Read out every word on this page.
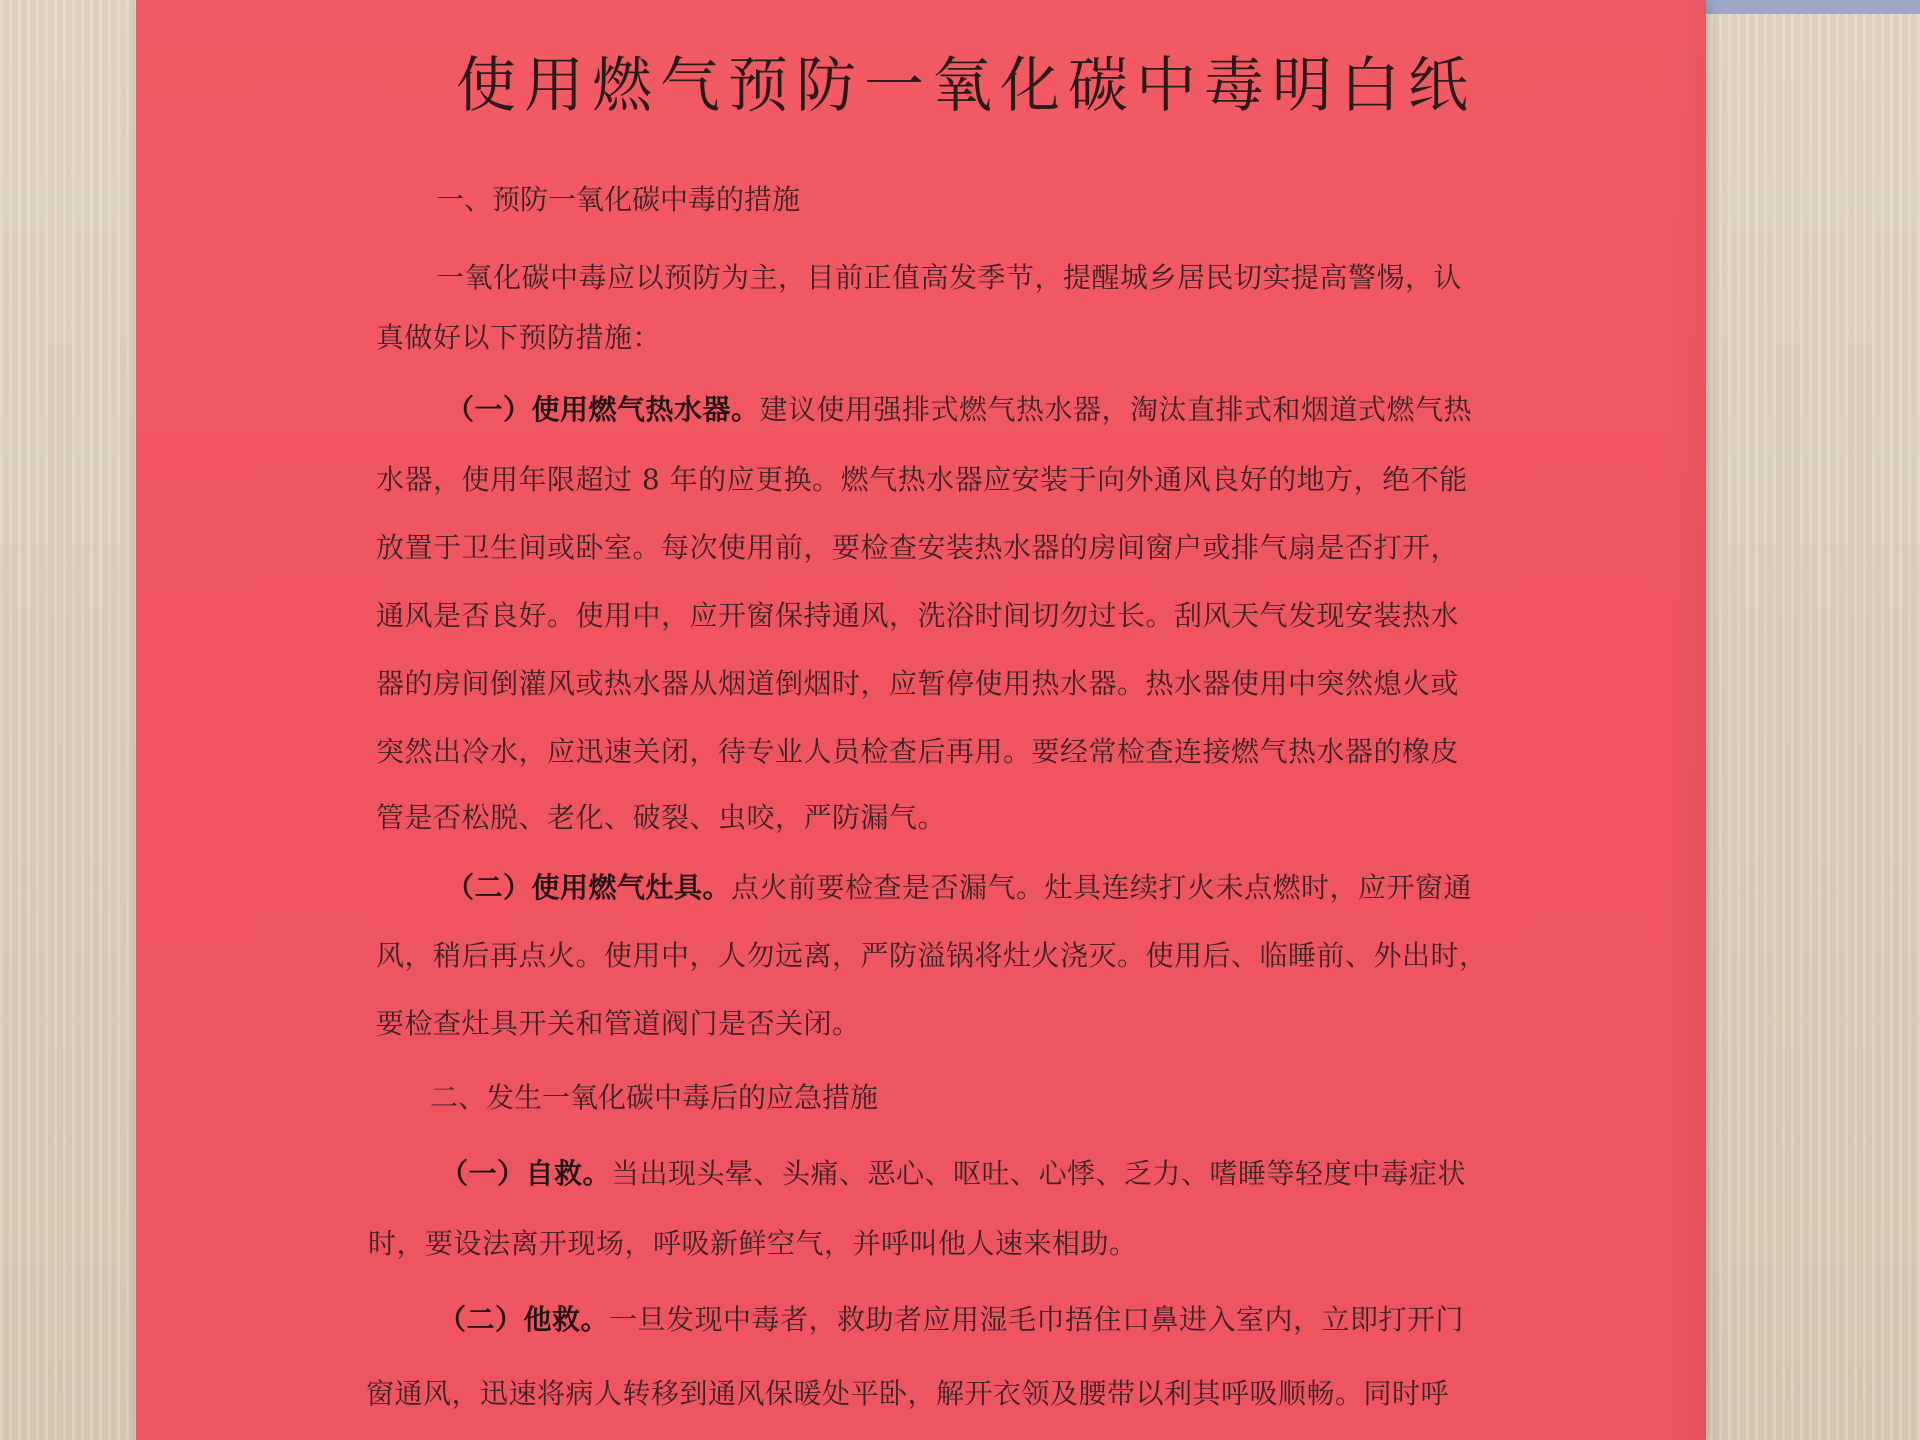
使用燃气预防一氧化碳中毒明白纸
一、预防一氧化碳中毒的措施
一氧化碳中毒应以预防为主，目前正值高发季节，提醒城乡居民切实提高警惕，认
真做好以下预防措施：
（一）使用燃气热水器。建议使用强排式燃气热水器，淘汰直排式和烟道式燃气热
水器，使用年限超过 8 年的应更换。燃气热水器应安装于向外通风良好的地方，绝不能
放置于卫生间或卧室。每次使用前，要检查安装热水器的房间窗户或排气扇是否打开，
通风是否良好。使用中，应开窗保持通风，洗浴时间切勿过长。刮风天气发现安装热水
器的房间倒灌风或热水器从烟道倒烟时，应暂停使用热水器。热水器使用中突然熄火或
突然出冷水，应迅速关闭，待专业人员检查后再用。要经常检查连接燃气热水器的橡皮
管是否松脱、老化、破裂、虫咬，严防漏气。
（二）使用燃气灶具。点火前要检查是否漏气。灶具连续打火未点燃时，应开窗通
风，稍后再点火。使用中，人勿远离，严防溢锅将灶火浇灭。使用后、临睡前、外出时，
要检查灶具开关和管道阀门是否关闭。
二、发生一氧化碳中毒后的应急措施
（一）自救。当出现头晕、头痛、恶心、呕吐、心悸、乏力、嗜睡等轻度中毒症状
时，要设法离开现场，呼吸新鲜空气，并呼叫他人速来相助。
（二）他救。一旦发现中毒者，救助者应用湿毛巾捂住口鼻进入室内，立即打开门
窗通风，迅速将病人转移到通风保暖处平卧，解开衣领及腰带以利其呼吸顺畅。同时呼
